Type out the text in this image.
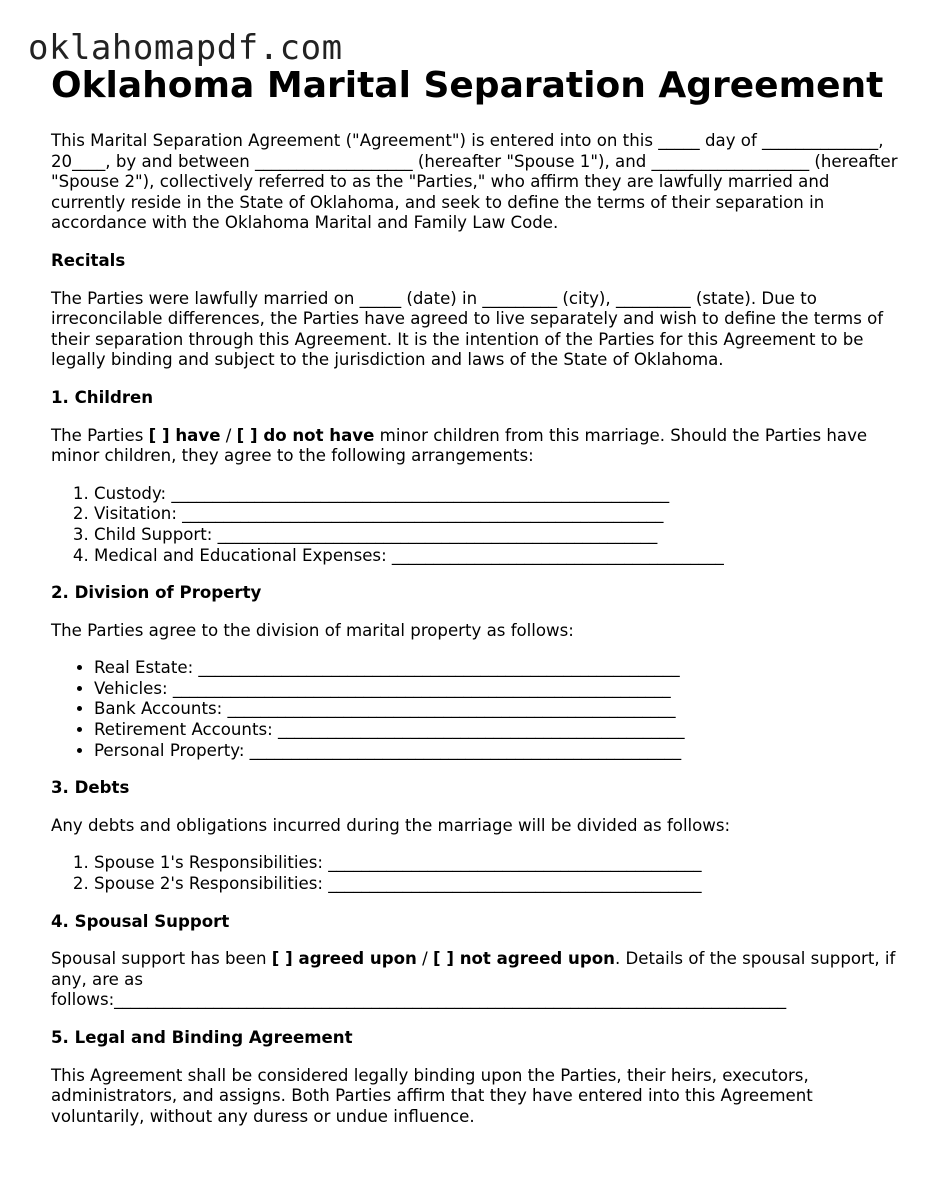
oklahomapdf.com
Oklahoma Marital Separation Agreement

This Marital Separation Agreement ("Agreement") is entered into on this _____ day of ______________, 20____, by and between ___________________ (hereafter "Spouse 1"), and ___________________ (hereafter "Spouse 2"), collectively referred to as the "Parties," who affirm they are lawfully married and currently reside in the State of Oklahoma, and seek to define the terms of their separation in accordance with the Oklahoma Marital and Family Law Code.

Recitals

The Parties were lawfully married on _____ (date) in _________ (city), _________ (state). Due to irreconcilable differences, the Parties have agreed to live separately and wish to define the terms of their separation through this Agreement. It is the intention of the Parties for this Agreement to be legally binding and subject to the jurisdiction and laws of the State of Oklahoma.

1. Children

The Parties [ ] have / [ ] do not have minor children from this marriage. Should the Parties have minor children, they agree to the following arrangements:

1. Custody: ____________________________________________________________
2. Visitation: __________________________________________________________
3. Child Support: _____________________________________________________
4. Medical and Educational Expenses: ________________________________________
2. Division of Property

The Parties agree to the division of marital property as follows:

• Real Estate: __________________________________________________________
• Vehicles: ____________________________________________________________
• Bank Accounts: ______________________________________________________
• Retirement Accounts: _________________________________________________
• Personal Property: ____________________________________________________
3. Debts

Any debts and obligations incurred during the marriage will be divided as follows:

1. Spouse 1's Responsibilities: _____________________________________________
2. Spouse 2's Responsibilities: _____________________________________________
4. Spousal Support

Spousal support has been [ ] agreed upon / [ ] not agreed upon. Details of the spousal support, if any, are as
follows:_________________________________________________________________________________

5. Legal and Binding Agreement

This Agreement shall be considered legally binding upon the Parties, their heirs, executors, administrators, and assigns. Both Parties affirm that they have entered into this Agreement voluntarily, without any duress or undue influence.
